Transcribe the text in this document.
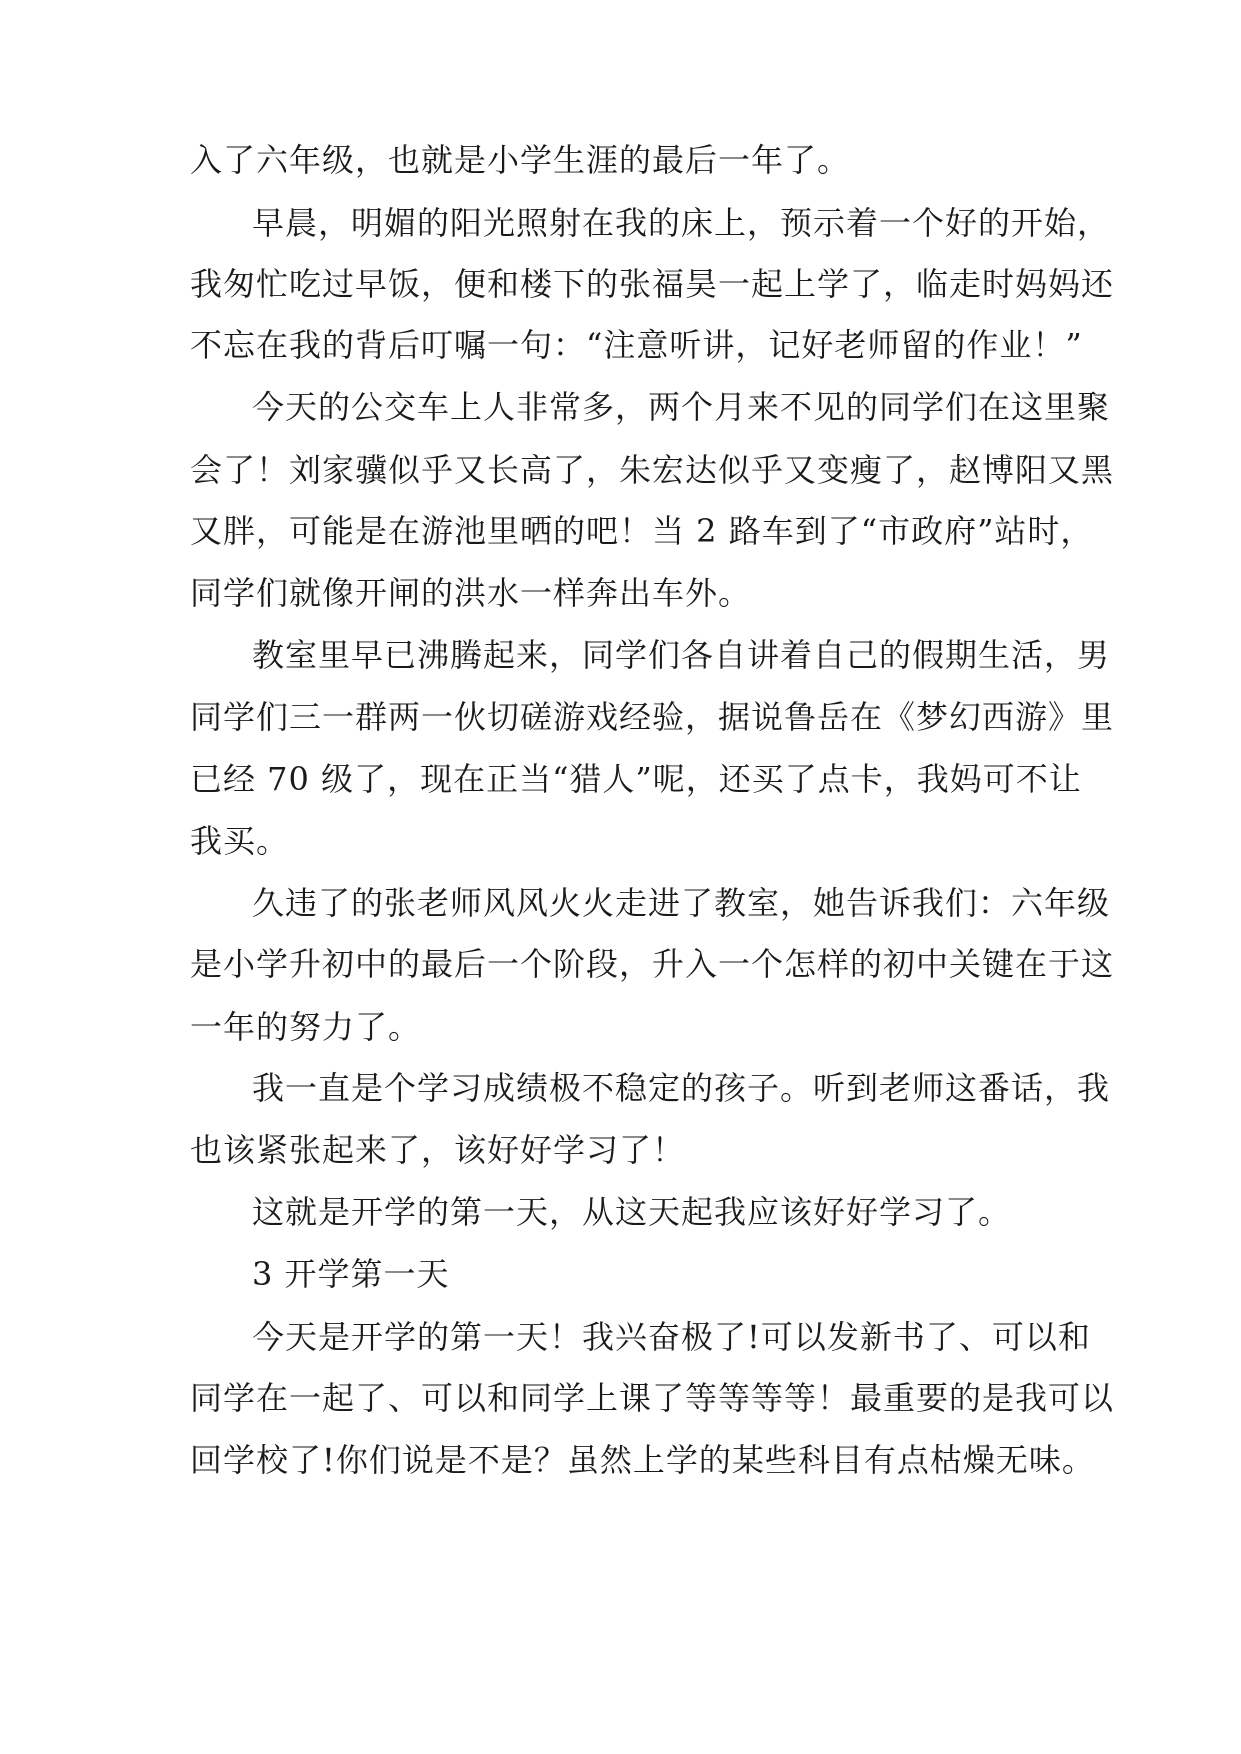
入了六年级，也就是小学生涯的最后一年了。
早晨，明媚的阳光照射在我的床上，预示着一个好的开始，
我匆忙吃过早饭，便和楼下的张福昊一起上学了，临走时妈妈还
不忘在我的背后叮嘱一句：“注意听讲，记好老师留的作业！”
今天的公交车上人非常多，两个月来不见的同学们在这里聚
会了！刘家骥似乎又长高了，朱宏达似乎又变瘦了，赵博阳又黑
又胖，可能是在游池里晒的吧！当 2 路车到了“市政府”站时，
同学们就像开闸的洪水一样奔出车外。
教室里早已沸腾起来，同学们各自讲着自己的假期生活，男
同学们三一群两一伙切磋游戏经验，据说鲁岳在《梦幻西游》里
已经 70 级了，现在正当“猎人”呢，还买了点卡，我妈可不让
我买。
久违了的张老师风风火火走进了教室，她告诉我们：六年级
是小学升初中的最后一个阶段，升入一个怎样的初中关键在于这
一年的努力了。
我一直是个学习成绩极不稳定的孩子。听到老师这番话，我
也该紧张起来了，该好好学习了！
这就是开学的第一天，从这天起我应该好好学习了。
3 开学第一天
今天是开学的第一天！我兴奋极了!可以发新书了、可以和
同学在一起了、可以和同学上课了等等等等！最重要的是我可以
回学校了!你们说是不是？虽然上学的某些科目有点枯燥无味。
